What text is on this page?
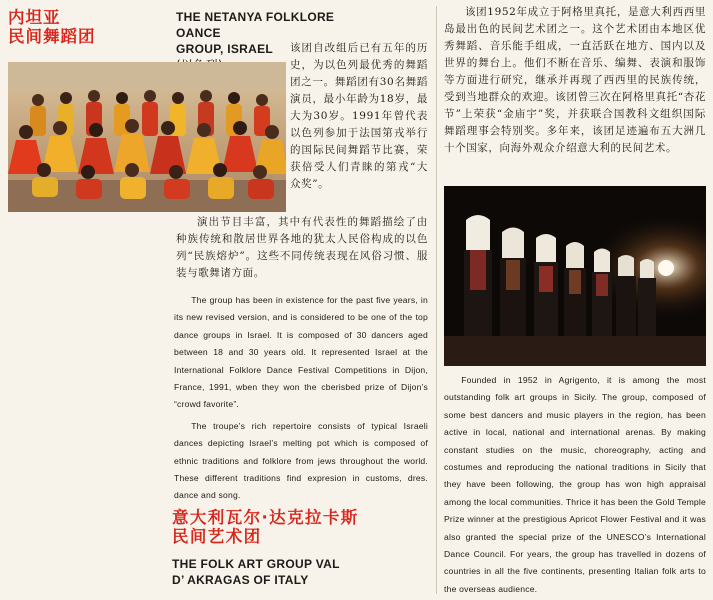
内坦亚
民间舞蹈团
THE NETANYA FOLKLORE OANCE
GROUP, ISRAEL	该团自改组后已有五年的历史，为以色列最优秀的舞蹈团之一。舞蹈团有30名舞蹈演员，最小年龄为18岁，最大为30岁。1991年曾代表以色列参加于法国第戎举行的国际民间舞蹈节比赛，荣获倍受人们青睐的第戎“大众奖”。
演出节目丰富，其中有代表性的舞蹈描绘了由种族传统和散居世界各地的犹太人民俗构成的以色列“民族熔炉”。这些不同传统表现在风俗习惯、服装与歌舞诸方面。

The group has been in existence for the past five years, in its new revised version, and is considered to be one of the top dance groups in Israel. It is composed of 30 dancers aged between 18 and 30 years old. It represented Israel at the International Folklore Dance Festival Competitions in Dijon, France, 1991, wben they won the cberisbed prize of Dijon’s “crowd favorite”.

The troupe’s rich repertoire consists of typical Israeli dances depicting Israel’s melting pot which is composed of ethnic traditions and folklore from jews throughout the world. These different traditions find expresion in customs, dres. dance and song.

意大利瓦尔·达克拉卡斯
民间艺术团
THE FOLK ART GROUP VAL
D’ AKRAGAS OF ITALY
该团1952年成立于阿格里真托，是意大利西西里岛最出色的民间艺术团之一。这个艺术团由本地区优秀舞蹈、音乐能手组成，一直活跃在地方、国内以及世界的舞台上。他们不断在音乐、编舞、表演和服饰等方面进行研究，继承并再现了西西里的民族传统，受到当地群众的欢迎。该团曾三次在阿格里真托“杏花节”上荣获“金庙宇”奖，并获联合国教科文组织国际舞蹈理事会特别奖。多年来，该团足迹遍布五大洲几十个国家，向海外观众介绍意大利的民间艺术。

Founded in 1952 in Agrigento, it is among the most outstanding folk art groups in Sicily. The group, composed of some best dancers and music players in the region, has been active in local, national and international arenas. By making constant studies on the music, choreography, acting and costumes and reproducing the national traditions in Sicily that they have been following, the group has won high appraisal among the local communities. Thrice it has been the Gold Temple Prize winner at the prestigious Apricot Flower Festival and it was also granted the special prize of the UNESCO’s International Dance Council. For years, the group has travelled in dozens of countries in all the five continents, presenting Italian folk arts to the overseas audience.
